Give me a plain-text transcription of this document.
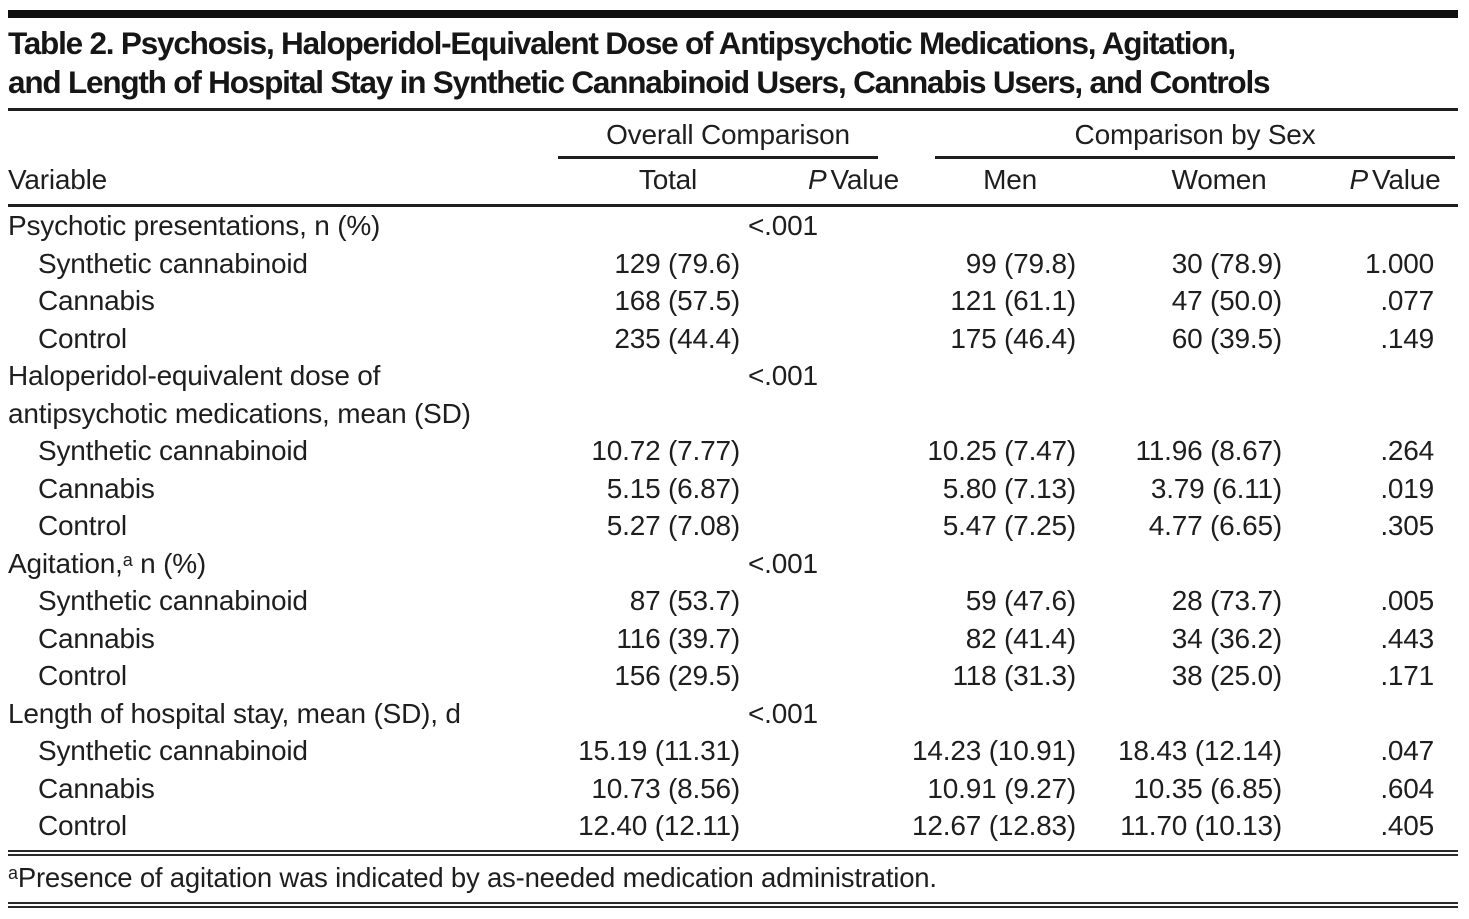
Table 2. Psychosis, Haloperidol-Equivalent Dose of Antipsychotic Medications, Agitation,
and Length of Hospital Stay in Synthetic Cannabinoid Users, Cannabis Users, and Controls

	Overall Comparison		Comparison by Sex		

Variable	Total	P Value	Men	Women	P Value
Psychotic presentations, n (%)		<.001			
Synthetic cannabinoid	129 (79.6)		99 (79.8)	30 (78.9)	1.000
Cannabis	168 (57.5)		121 (61.1)	47 (50.0)	.077
Control	235 (44.4)		175 (46.4)	60 (39.5)	.149
Haloperidol-equivalent dose of
antipsychotic medications, mean (SD)		<.001			
Synthetic cannabinoid	10.72 (7.77)		10.25 (7.47)	11.96 (8.67)	.264
Cannabis	5.15 (6.87)		5.80 (7.13)	3.79 (6.11)	.019
Control	5.27 (7.08)		5.47 (7.25)	4.77 (6.65)	.305
Agitation,$^a$ n (%)		<.001			
Synthetic cannabinoid	87 (53.7)		59 (47.6)	28 (73.7)	.005
Cannabis	116 (39.7)		82 (41.4)	34 (36.2)	.443
Control	156 (29.5)		118 (31.3)	38 (25.0)	.171
Length of hospital stay, mean (SD), d		<.001			
Synthetic cannabinoid	15.19 (11.31)		14.23 (10.91)	18.43 (12.14)	.047
Cannabis	10.73 (8.56)		10.91 (9.27)	10.35 (6.85)	.604
Control	12.40 (12.11)		12.67 (12.83)	11.70 (10.13)	.405
$^a$Presence of agitation was indicated by as-needed medication administration.
